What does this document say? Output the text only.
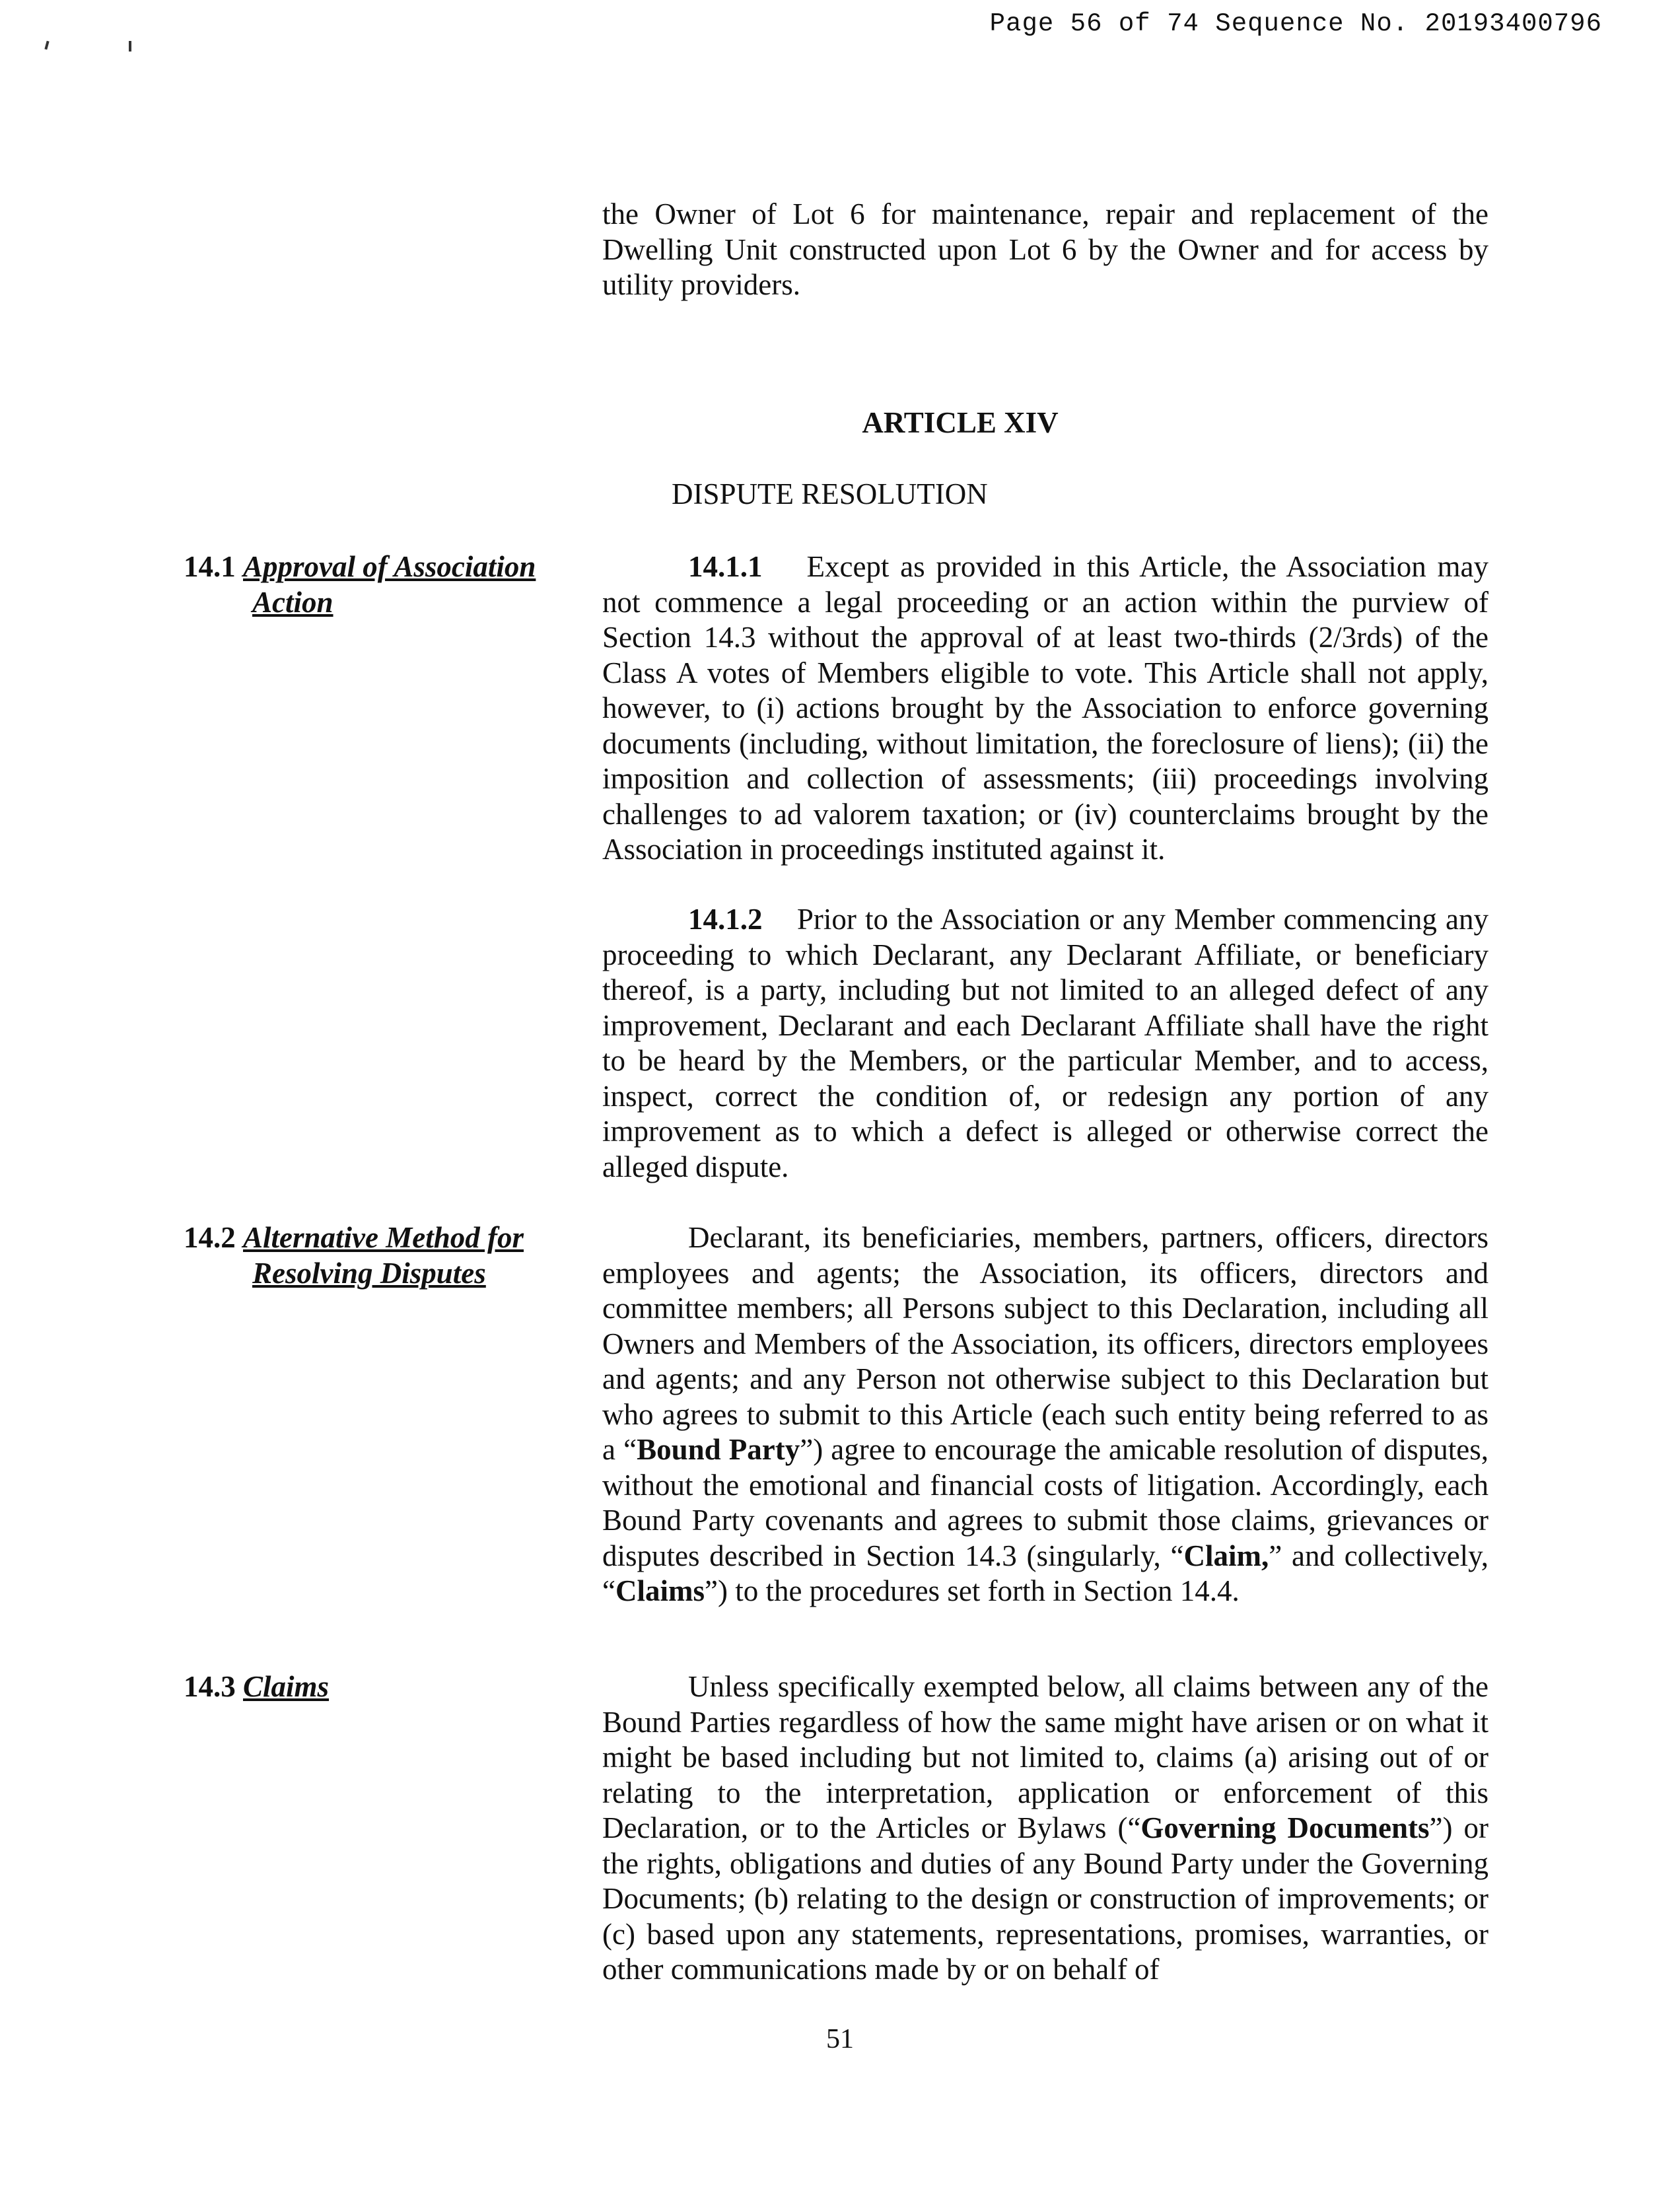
Page 56 of 74 Sequence No. 20193400796

the Owner of Lot 6 for maintenance, repair and replacement of the Dwelling Unit constructed upon Lot 6 by the Owner and for access by utility providers.

ARTICLE XIV

DISPUTE RESOLUTION

14.1 Approval of Association
Action

14.1.1 Except as provided in this Article, the Association may not commence a legal proceeding or an action within the purview of Section 14.3 without the approval of at least two-thirds (2/3rds) of the Class A votes of Members eligible to vote. This Article shall not apply, however, to (i) actions brought by the Association to enforce governing documents (including, without limitation, the foreclosure of liens); (ii) the imposition and collection of assessments; (iii) proceedings involving challenges to ad valorem taxation; or (iv) counterclaims brought by the Association in proceedings instituted against it.

14.1.2 Prior to the Association or any Member commencing any proceeding to which Declarant, any Declarant Affiliate, or beneficiary thereof, is a party, including but not limited to an alleged defect of any improvement, Declarant and each Declarant Affiliate shall have the right to be heard by the Members, or the particular Member, and to access, inspect, correct the condition of, or redesign any portion of any improvement as to which a defect is alleged or otherwise correct the alleged dispute.

14.2 Alternative Method for
Resolving Disputes

Declarant, its beneficiaries, members, partners, officers, directors employees and agents; the Association, its officers, directors and committee members; all Persons subject to this Declaration, including all Owners and Members of the Association, its officers, directors employees and agents; and any Person not otherwise subject to this Declaration but who agrees to submit to this Article (each such entity being referred to as a “Bound Party”) agree to encourage the amicable resolution of disputes, without the emotional and financial costs of litigation. Accordingly, each Bound Party covenants and agrees to submit those claims, grievances or disputes described in Section 14.3 (singularly, “Claim,” and collectively, “Claims”) to the procedures set forth in Section 14.4.

14.3 Claims	Unless specifically exempted below, all claims between any of the Bound Parties regardless of how the same might have arisen or on what it might be based including but not limited to, claims (a) arising out of or relating to the interpretation, application or enforcement of this Declaration, or to the Articles or Bylaws (“Governing Documents”) or the rights, obligations and duties of any Bound Party under the Governing Documents; (b) relating to the design or construction of improvements; or (c) based upon any statements, representations, promises, warranties, or other communications made by or on behalf of

51
